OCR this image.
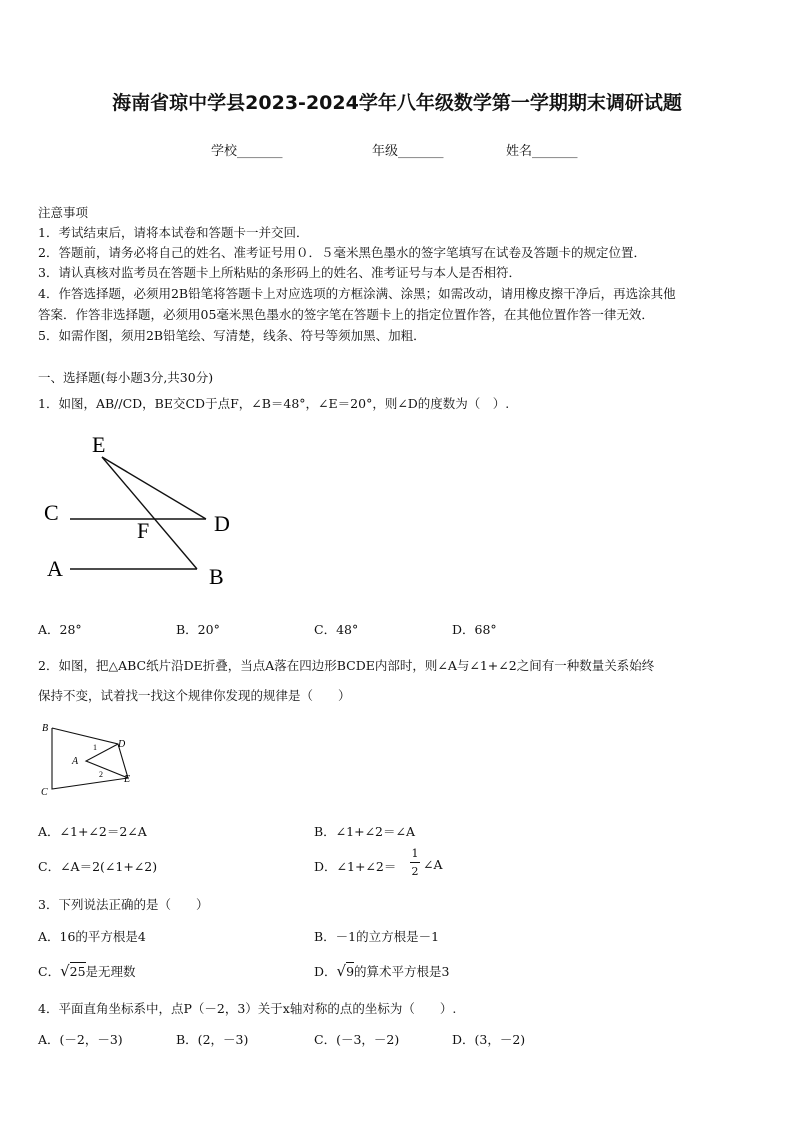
海南省琼中学县2023-2024学年八年级数学第一学期期末调研试题
学校_______	年级_______	姓名_______
注意事项
1．考试结束后，请将本试卷和答题卡一并交回．
2．答题前，请务必将自己的姓名、准考证号用０．５毫米黑色墨水的签字笔填写在试卷及答题卡的规定位置．
3．请认真核对监考员在答题卡上所粘贴的条形码上的姓名、准考证号与本人是否相符．
4．作答选择题，必须用2B铅笔将答题卡上对应选项的方框涂满、涂黑；如需改动，请用橡皮擦干净后，再选涂其他
答案．作答非选择题，必须用05毫米黑色墨水的签字笔在答题卡上的指定位置作答，在其他位置作答一律无效．
5．如需作图，须用2B铅笔绘、写清楚，线条、符号等须加黑、加粗．
一、选择题(每小题3分,共30分)
1．如图，AB//CD，BE交CD于点F，∠B＝48°，∠E＝20°，则∠D的度数为（　）.
E
C	D
F
A	B
A．28°	B．20°	C．48°	D．68°
2．如图，把△ABC纸片沿DE折叠，当点A落在四边形BCDE内部时，则∠A与∠1+∠2之间有一种数量关系始终
保持不变，试着找一找这个规律你发现的规律是（　　）
B
D
A
C
E
1
2
A．∠1+∠2＝2∠A	B．∠1+∠2＝∠A
C．∠A＝2(∠1+∠2)	D．∠1+∠2＝
1
2 ∠A
3．下列说法正确的是（　　）
A．16的平方根是4	B．－1的立方根是－1
C．√25是无理数	D．√9的算术平方根是3
4．平面直角坐标系中，点P（－2，3）关于x轴对称的点的坐标为（　　）.
A．(－2，－3)	B．(2，－3)	C．(－3，－2)	D．(3，－2)
